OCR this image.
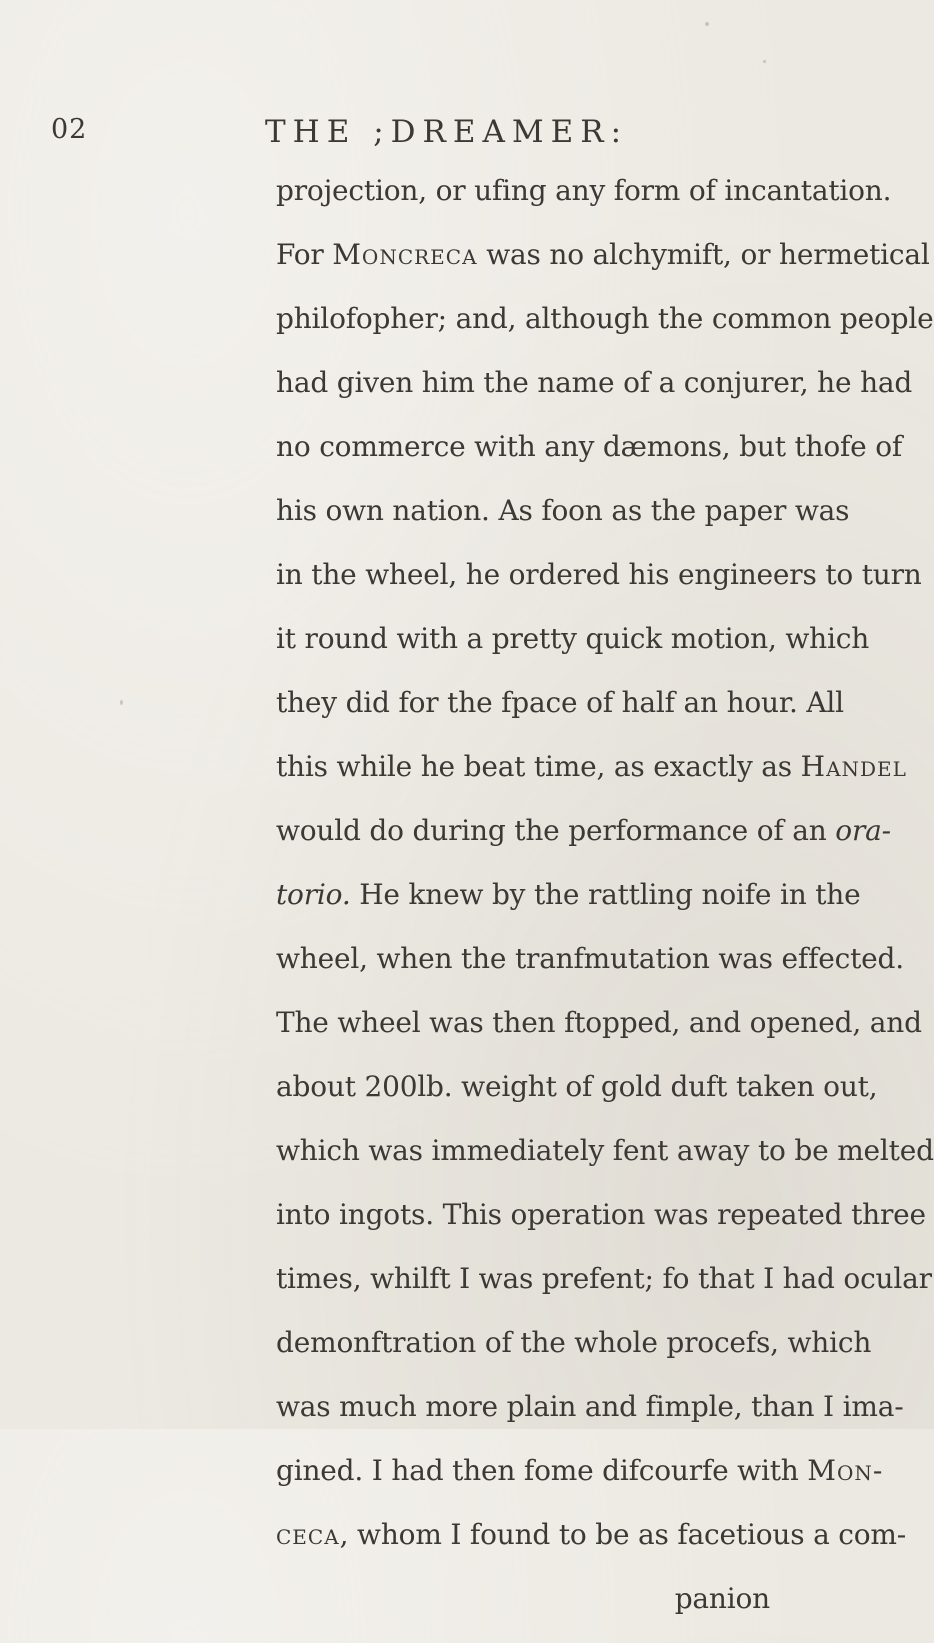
02	THE ;DREAMER:
projection, or ufing any form of incantation.
For Moncreca was no alchymift, or hermetical
philofopher; and, although the common people
had given him the name of a conjurer, he had
no commerce with any dæmons, but thofe of
his own nation. As foon as the paper was
in the wheel, he ordered his engineers to turn
it round with a pretty quick motion, which
they did for the fpace of half an hour. All
this while he beat time, as exactly as Handel
would do during the performance of an ora-
torio. He knew by the rattling noife in the
wheel, when the tranfmutation was effected.
The wheel was then ftopped, and opened, and
about 200lb. weight of gold duft taken out,
which was immediately fent away to be melted
into ingots. This operation was repeated three
times, whilft I was prefent; fo that I had ocular
demonftration of the whole procefs, which
was much more plain and fimple, than I ima-
gined. I had then fome difcourfe with Mon-
ceca, whom I found to be as facetious a com-
panion
